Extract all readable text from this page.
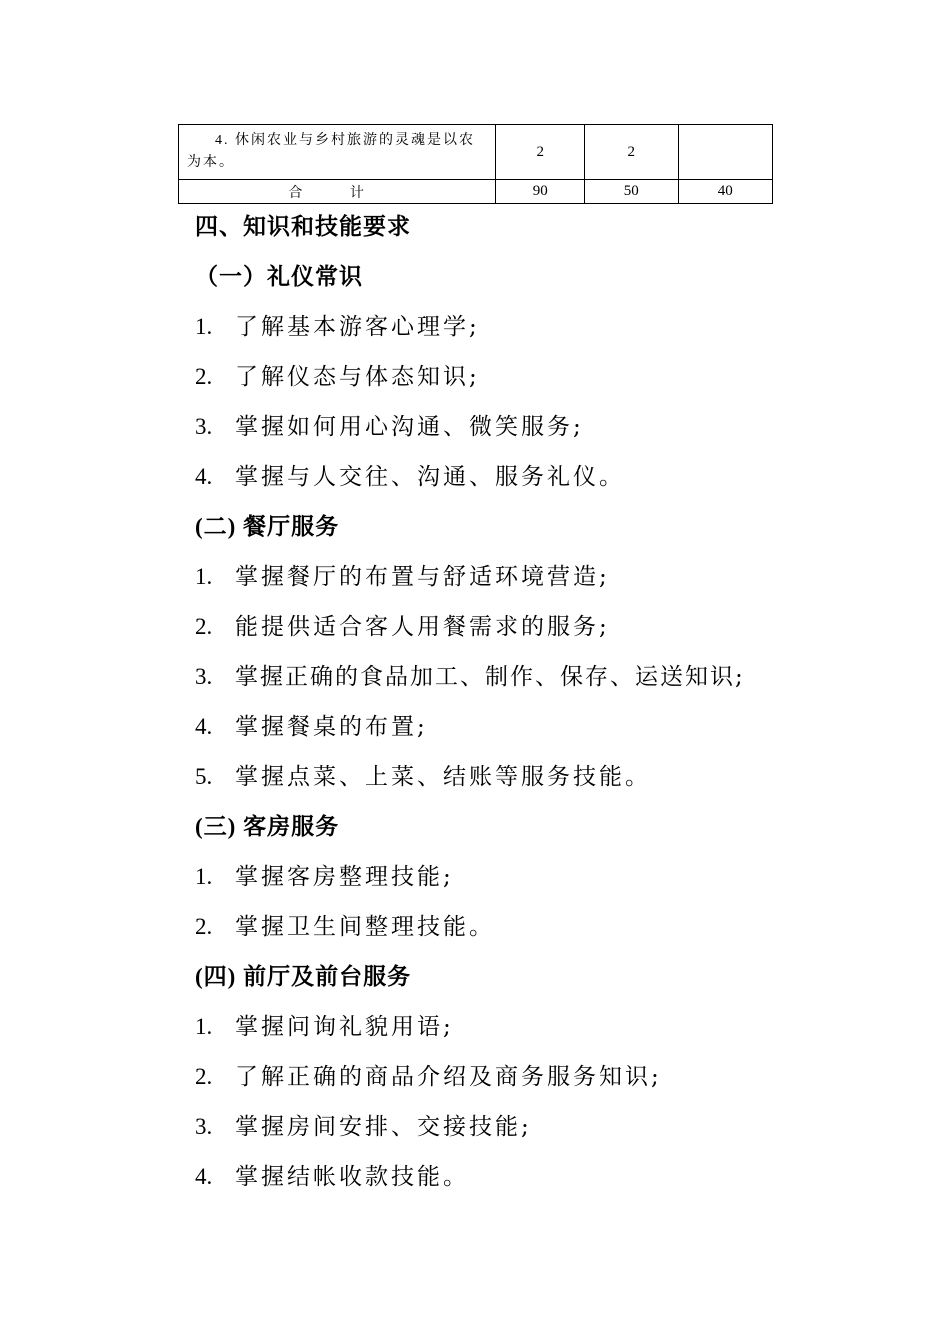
4. 休闲农业与乡村旅游的灵魂是以农为本。	2	2	
合 计	90	50	40
四、知识和技能要求
（一）礼仪常识
1. 了解基本游客心理学;
2. 了解仪态与体态知识;
3. 掌握如何用心沟通、微笑服务;
4. 掌握与人交往、沟通、服务礼仪。
(二) 餐厅服务
1. 掌握餐厅的布置与舒适环境营造;
2. 能提供适合客人用餐需求的服务;
3. 掌握正确的食品加工、制作、保存、运送知识;
4. 掌握餐桌的布置;
5. 掌握点菜、上菜、结账等服务技能。
(三) 客房服务
1. 掌握客房整理技能;
2. 掌握卫生间整理技能。
(四) 前厅及前台服务
1. 掌握问询礼貌用语;
2. 了解正确的商品介绍及商务服务知识;
3. 掌握房间安排、交接技能;
4. 掌握结帐收款技能。
